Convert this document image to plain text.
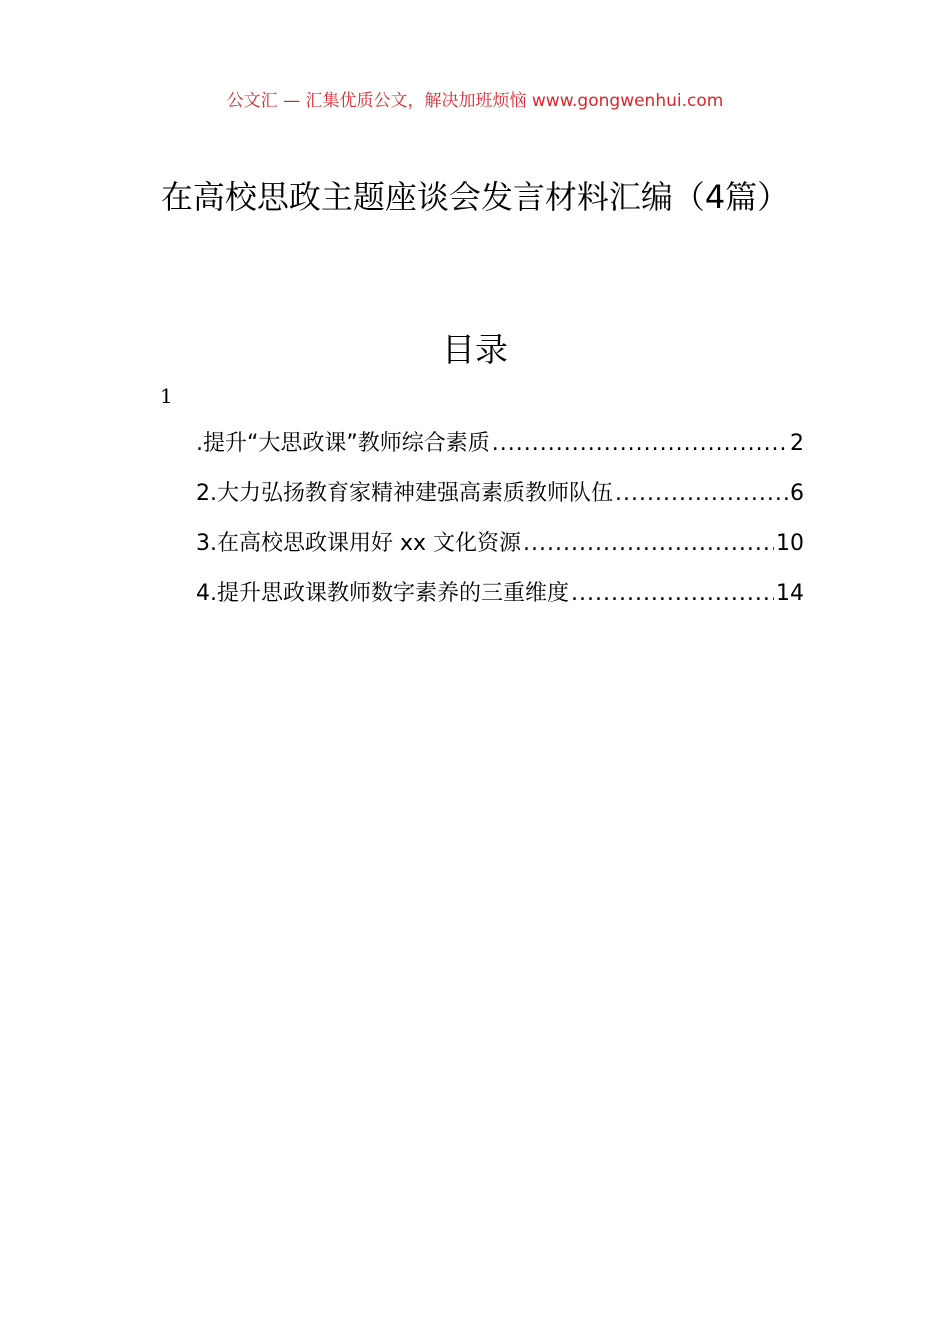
公文汇 — 汇集优质公文，解决加班烦恼 www.gongwenhui.com
在高校思政主题座谈会发言材料汇编（4篇）
目录
1
.提升“大思政课”教师综合素质 .....	2
2.大力弘扬教育家精神建强高素质教师队伍 .....	6
3.在高校思政课用好 xx 文化资源 .....	10
4.提升思政课教师数字素养的三重维度 .....	14
